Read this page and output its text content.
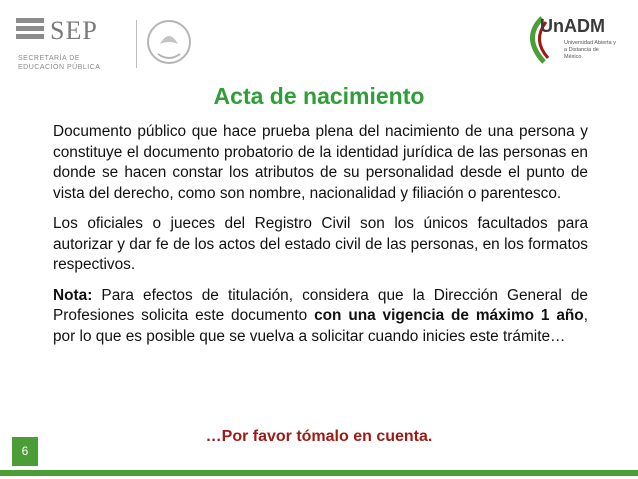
SEP
SECRETARÍA DE
EDUCACIÓN PÚBLICA
UnADM
Universidad Abierta y a Distancia de México
Acta de nacimiento

Documento público que hace prueba plena del nacimiento de una persona y constituye el documento probatorio de la identidad jurídica de las personas en donde se hacen constar los atributos de su personalidad desde el punto de vista del derecho, como son nombre, nacionalidad y filiación o parentesco.

Los oficiales o jueces del Registro Civil son los únicos facultados para autorizar y dar fe de los actos del estado civil de las personas, en los formatos respectivos.

Nota: Para efectos de titulación, considera que la Dirección General de Profesiones solicita este documento con una vigencia de máximo 1 año, por lo que es posible que se vuelva a solicitar cuando inicies este trámite…

…Por favor tómalo en cuenta.
6
